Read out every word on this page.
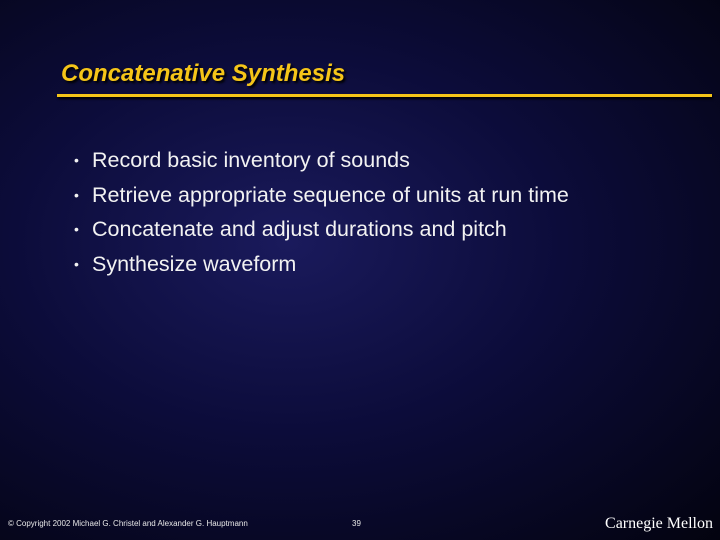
Concatenative Synthesis
• Record basic inventory of sounds
• Retrieve appropriate sequence of units at run time
• Concatenate and adjust durations and pitch
• Synthesize waveform
© Copyright 2002 Michael G. Christel and Alexander G. Hauptmann	39	Carnegie Mellon
